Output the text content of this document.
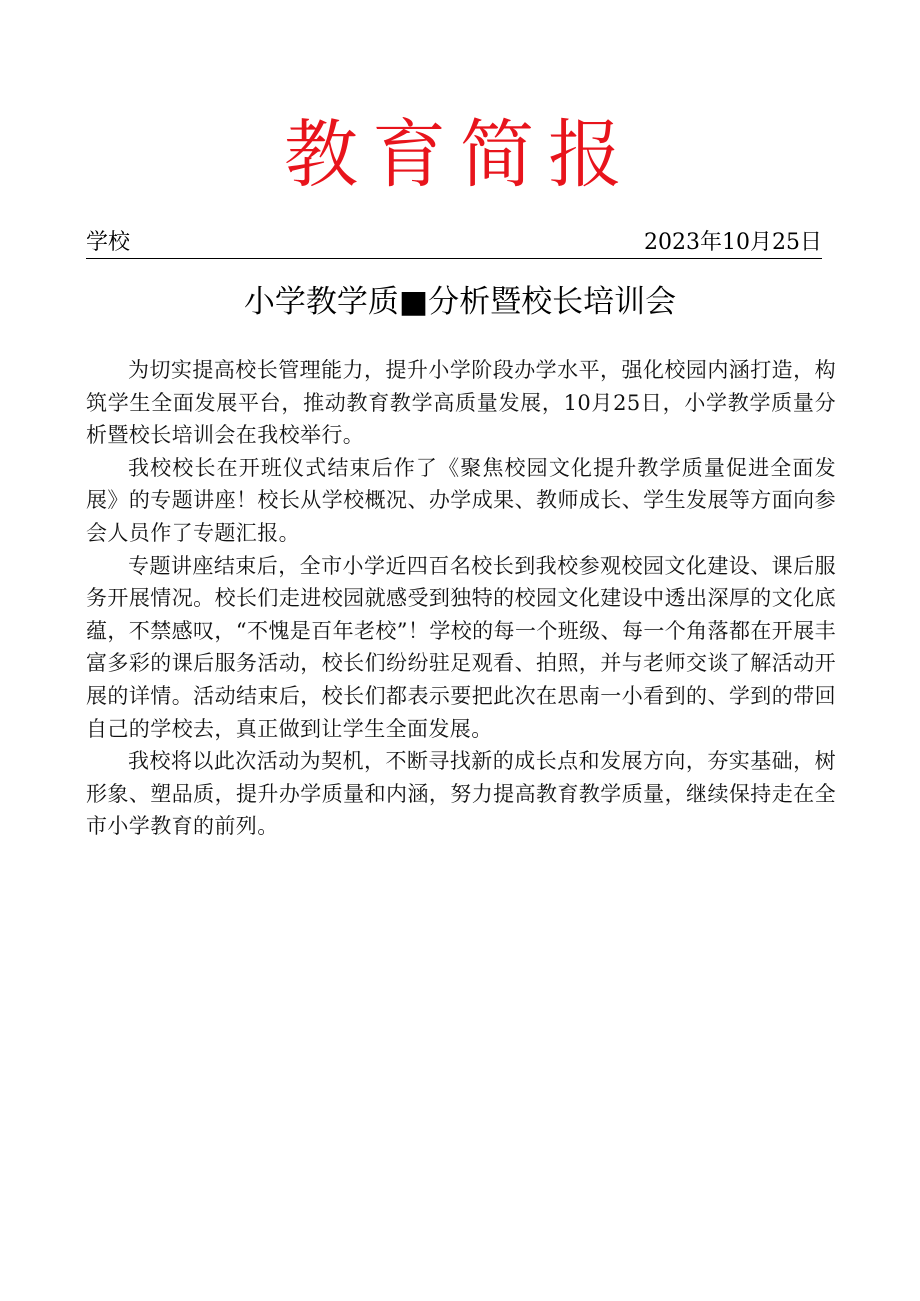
教育简报
学校	2023年10月25日
小学教学质■分析暨校长培训会

为切实提高校长管理能力，提升小学阶段办学水平，强化校园内涵打造，构筑学生全面发展平台，推动教育教学高质量发展，10月25日，小学教学质量分析暨校长培训会在我校举行。

我校校长在开班仪式结束后作了《聚焦校园文化提升教学质量促进全面发展》的专题讲座！校长从学校概况、办学成果、教师成长、学生发展等方面向参会人员作了专题汇报。

专题讲座结束后，全市小学近四百名校长到我校参观校园文化建设、课后服务开展情况。校长们走进校园就感受到独特的校园文化建设中透出深厚的文化底蕴，不禁感叹，“不愧是百年老校”！学校的每一个班级、每一个角落都在开展丰富多彩的课后服务活动，校长们纷纷驻足观看、拍照，并与老师交谈了解活动开展的详情。活动结束后，校长们都表示要把此次在思南一小看到的、学到的带回自己的学校去，真正做到让学生全面发展。

我校将以此次活动为契机，不断寻找新的成长点和发展方向，夯实基础，树形象、塑品质，提升办学质量和内涵，努力提高教育教学质量，继续保持走在全市小学教育的前列。
